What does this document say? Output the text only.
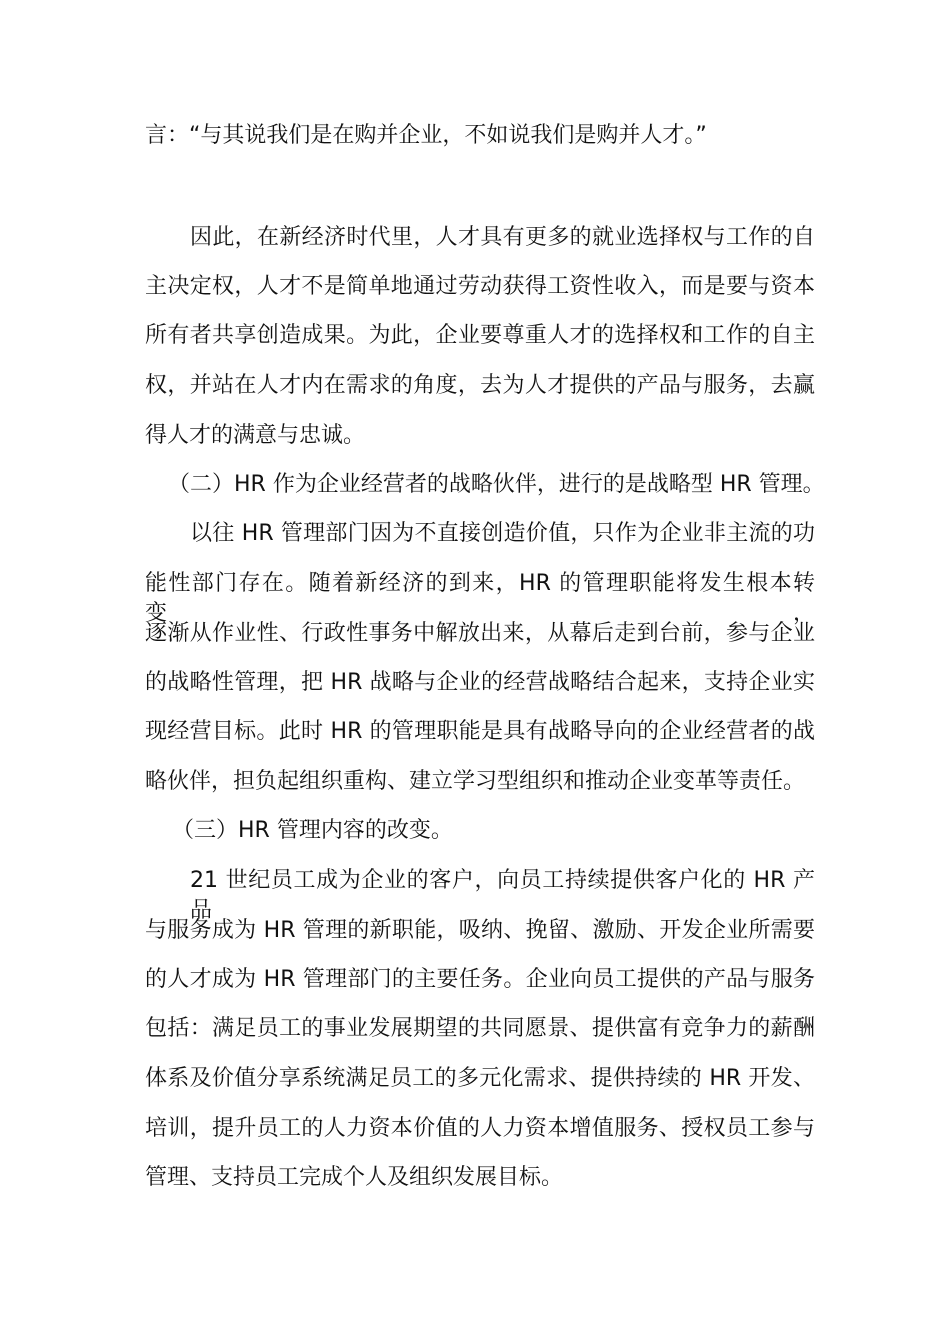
言：“与其说我们是在购并企业，不如说我们是购并人才。”
因此，在新经济时代里，人才具有更多的就业选择权与工作的自
主决定权，人才不是简单地通过劳动获得工资性收入，而是要与资本
所有者共享创造成果。为此，企业要尊重人才的选择权和工作的自主
权，并站在人才内在需求的角度，去为人才提供的产品与服务，去赢
得人才的满意与忠诚。
（二）HR 作为企业经营者的战略伙伴，进行的是战略型 HR 管理。
以往 HR 管理部门因为不直接创造价值，只作为企业非主流的功
能性部门存在。随着新经济的到来，HR 的管理职能将发生根本转变，
逐渐从作业性、行政性事务中解放出来，从幕后走到台前，参与企业
的战略性管理，把 HR 战略与企业的经营战略结合起来，支持企业实
现经营目标。此时 HR 的管理职能是具有战略导向的企业经营者的战
略伙伴，担负起组织重构、建立学习型组织和推动企业变革等责任。
（三）HR 管理内容的改变。
21 世纪员工成为企业的客户，向员工持续提供客户化的 HR 产品
与服务成为 HR 管理的新职能，吸纳、挽留、激励、开发企业所需要
的人才成为 HR 管理部门的主要任务。企业向员工提供的产品与服务
包括：满足员工的事业发展期望的共同愿景、提供富有竞争力的薪酬
体系及价值分享系统满足员工的多元化需求、提供持续的 HR 开发、
培训，提升员工的人力资本价值的人力资本增值服务、授权员工参与
管理、支持员工完成个人及组织发展目标。
